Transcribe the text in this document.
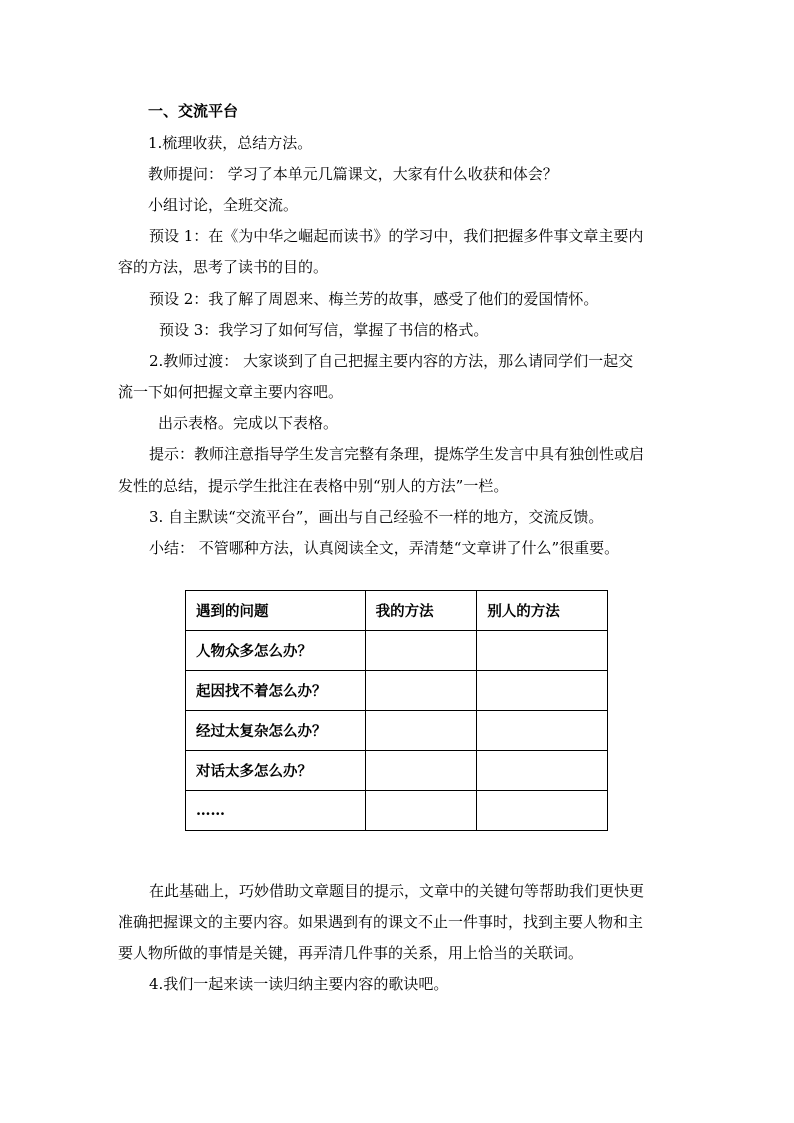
一、交流平台
1.梳理收获，总结方法。
教师提问： 学习了本单元几篇课文，大家有什么收获和体会？
小组讨论，全班交流。
预设 1：在《为中华之崛起而读书》的学习中，我们把握多件事文章主要内
容的方法，思考了读书的目的。
预设 2：我了解了周恩来、梅兰芳的故事，感受了他们的爱国情怀。
预设 3：我学习了如何写信，掌握了书信的格式。
2.教师过渡： 大家谈到了自己把握主要内容的方法，那么请同学们一起交
流一下如何把握文章主要内容吧。
出示表格。完成以下表格。
提示：教师注意指导学生发言完整有条理，提炼学生发言中具有独创性或启
发性的总结，提示学生批注在表格中别“别人的方法”一栏。
3. 自主默读“交流平台”，画出与自己经验不一样的地方，交流反馈。
小结： 不管哪种方法，认真阅读全文，弄清楚“文章讲了什么”很重要。
遇到的问题	我的方法	别人的方法
人物众多怎么办？		
起因找不着怎么办？		
经过太复杂怎么办？		
对话太多怎么办？		
……		
在此基础上，巧妙借助文章题目的提示，文章中的关键句等帮助我们更快更
准确把握课文的主要内容。如果遇到有的课文不止一件事时，找到主要人物和主
要人物所做的事情是关键，再弄清几件事的关系，用上恰当的关联词。
4.我们一起来读一读归纳主要内容的歌诀吧。
